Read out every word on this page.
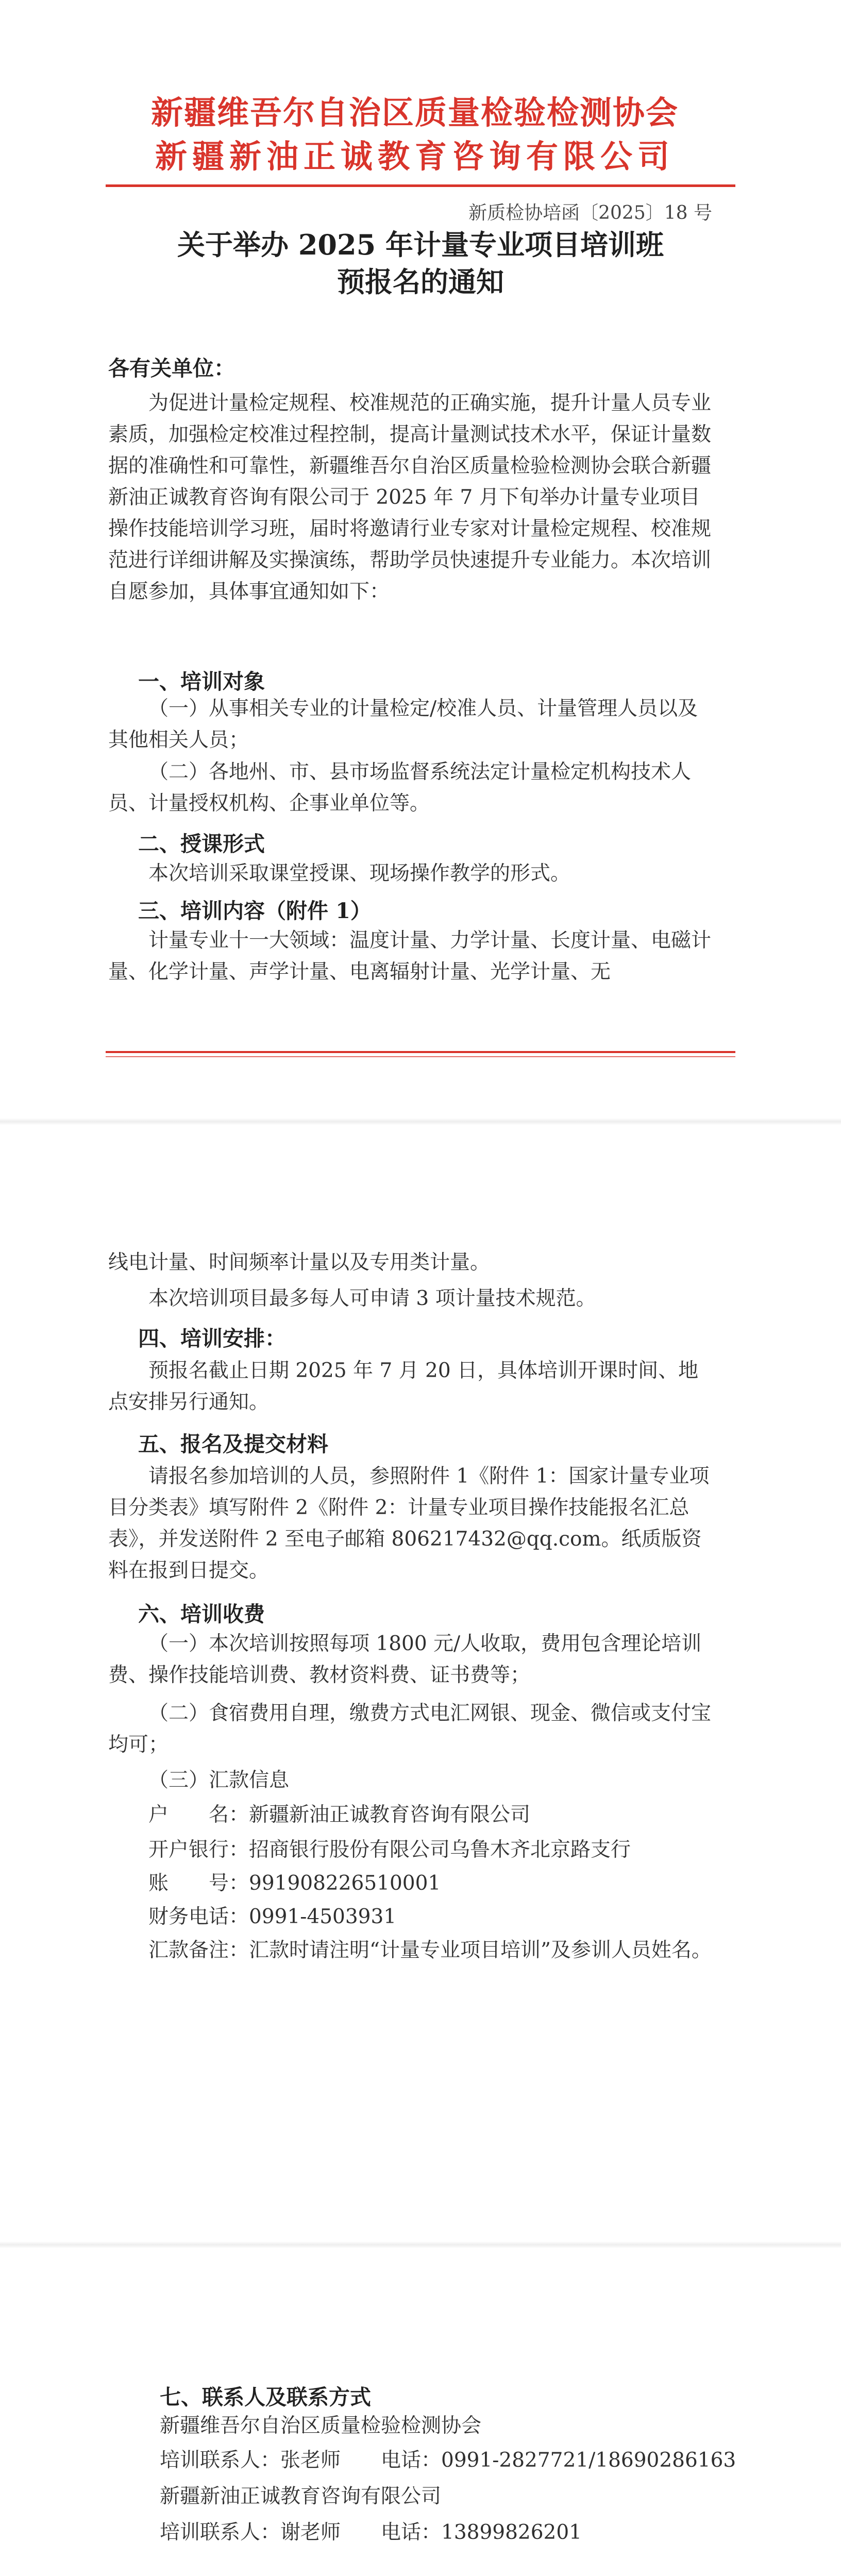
新疆维吾尔自治区质量检验检测协会
新疆新油正诚教育咨询有限公司
新质检协培函〔2025〕18 号
关于举办 2025 年计量专业项目培训班
预报名的通知
各有关单位：
为促进计量检定规程、校准规范的正确实施，提升计量人员专业素质，加强检定校准过程控制，提高计量测试技术水平，保证计量数据的准确性和可靠性，新疆维吾尔自治区质量检验检测协会联合新疆新油正诚教育咨询有限公司于 2025 年 7 月下旬举办计量专业项目操作技能培训学习班，届时将邀请行业专家对计量检定规程、校准规范进行详细讲解及实操演练，帮助学员快速提升专业能力。本次培训自愿参加，具体事宜通知如下：
一、培训对象
（一）从事相关专业的计量检定/校准人员、计量管理人员以及其他相关人员；
（二）各地州、市、县市场监督系统法定计量检定机构技术人员、计量授权机构、企事业单位等。
二、授课形式
本次培训采取课堂授课、现场操作教学的形式。
三、培训内容（附件 1）
计量专业十一大领域：温度计量、力学计量、长度计量、电磁计量、化学计量、声学计量、电离辐射计量、光学计量、无
线电计量、时间频率计量以及专用类计量。
本次培训项目最多每人可申请 3 项计量技术规范。
四、培训安排：
预报名截止日期 2025 年 7 月 20 日，具体培训开课时间、地点安排另行通知。
五、报名及提交材料
请报名参加培训的人员，参照附件 1《附件 1：国家计量专业项目分类表》填写附件 2《附件 2：计量专业项目操作技能报名汇总表》，并发送附件 2 至电子邮箱 806217432@qq.com。纸质版资料在报到日提交。
六、培训收费
（一）本次培训按照每项 1800 元/人收取，费用包含理论培训费、操作技能培训费、教材资料费、证书费等；
（二）食宿费用自理，缴费方式电汇网银、现金、微信或支付宝均可；
（三）汇款信息
户　　名：新疆新油正诚教育咨询有限公司
开户银行：招商银行股份有限公司乌鲁木齐北京路支行
账　　号：991908226510001
财务电话：0991-4503931
汇款备注：汇款时请注明“计量专业项目培训”及参训人员姓名。
七、联系人及联系方式
新疆维吾尔自治区质量检验检测协会
培训联系人：张老师　　电话：0991-2827721/18690286163
新疆新油正诚教育咨询有限公司
培训联系人：谢老师　　电话：13899826201
